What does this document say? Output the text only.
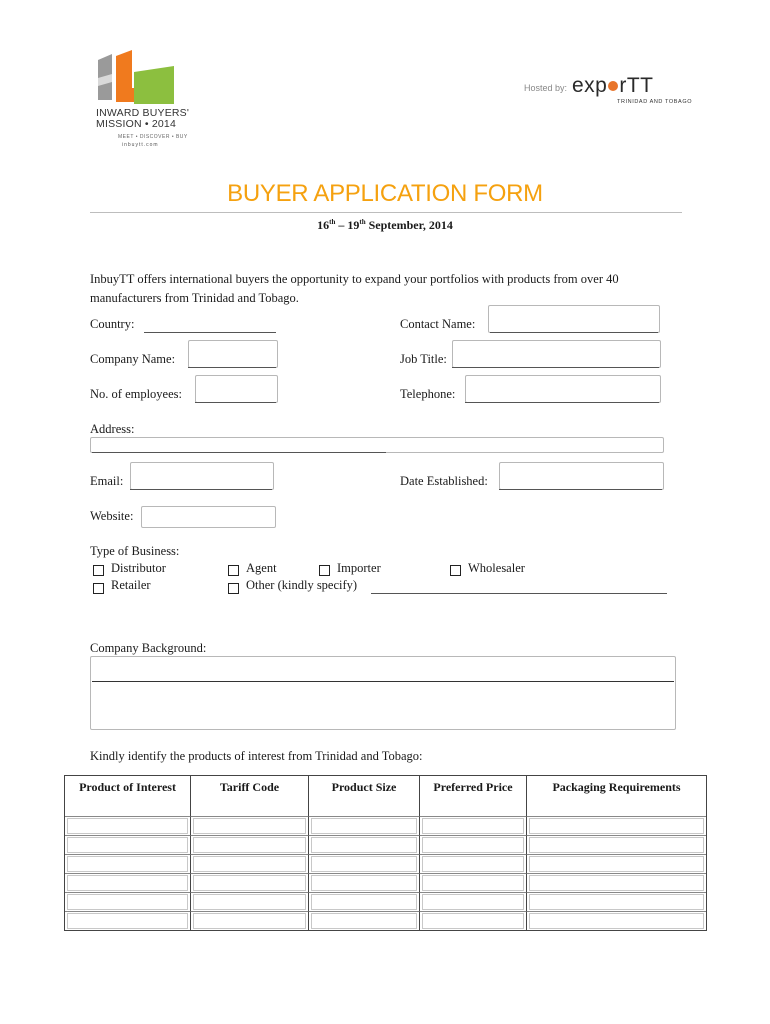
INWARD BUYERS'
MISSION • 2014
MEET • DISCOVER • BUY
inbuytt.com
Hosted by: exp rTT
TRINIDAD AND TOBAGO
BUYER APPLICATION FORM
16th – 19th September, 2014
InbuyTT offers international buyers the opportunity to expand your portfolios with products from over 40 manufacturers from Trinidad and Tobago.
Country:	Contact Name:
Company Name:	Job Title:
No. of employees:	Telephone:
Address:
Email:	Date Established:
Website:
Type of Business:
Distributor	Agent	Importer	Wholesaler
Retailer	Other (kindly specify)
Company Background:
Kindly identify the products of interest from Trinidad and Tobago:
Product of Interest	Tariff Code	Product Size	Preferred Price	Packaging Requirements
